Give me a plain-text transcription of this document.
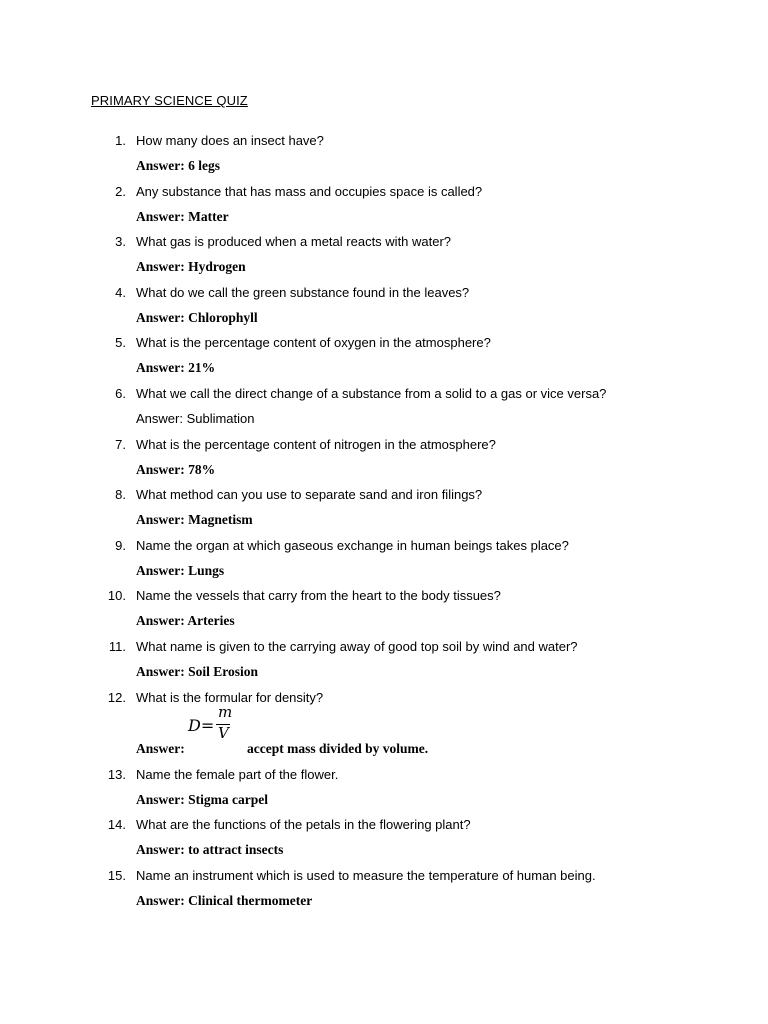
PRIMARY SCIENCE QUIZ
1. How many does an insect have?
Answer: 6 legs
2. Any substance that has mass and occupies space is called?
Answer: Matter
3. What gas is produced when a metal reacts with water?
Answer: Hydrogen
4. What do we call the green substance found in the leaves?
Answer: Chlorophyll
5. What is the percentage content of oxygen in the atmosphere?
Answer: 21%
6. What we call the direct change of a substance from a solid to a gas or vice versa?
Answer: Sublimation
7. What is the percentage content of nitrogen in the atmosphere?
Answer: 78%
8. What method can you use to separate sand and iron filings?
Answer: Magnetism
9. Name the organ at which gaseous exchange in human beings takes place?
Answer: Lungs
10. Name the vessels that carry from the heart to the body tissues?
Answer: Arteries
11. What name is given to the carrying away of good top soil by wind and water?
Answer: Soil Erosion
12. What is the formular for density?
D=
m
V
Answer:	accept mass divided by volume.
13. Name the female part of the flower.
Answer: Stigma carpel
14. What are the functions of the petals in the flowering plant?
Answer: to attract insects
15. Name an instrument which is used to measure the temperature of human being.
Answer: Clinical thermometer
